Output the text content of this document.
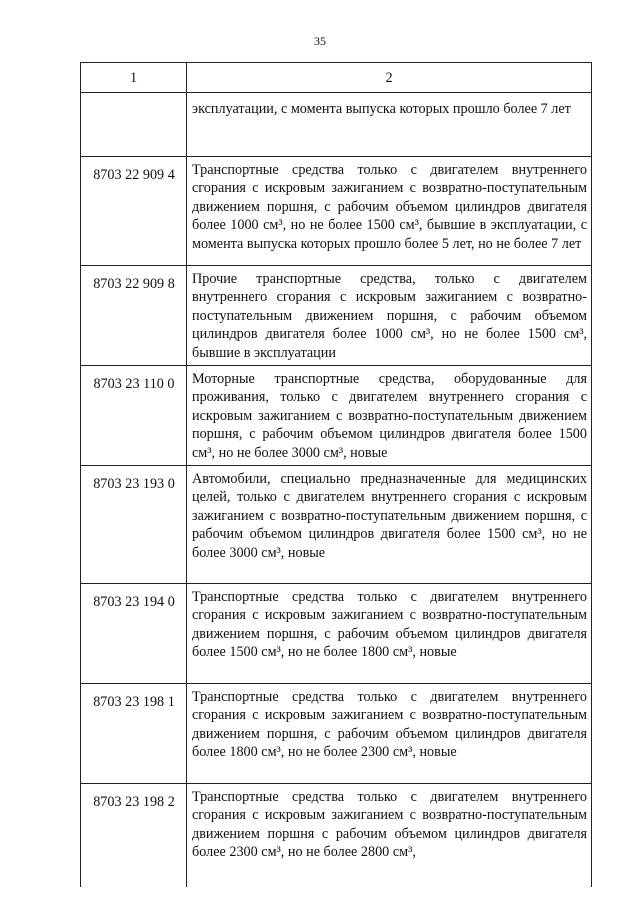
35
1	2
	эксплуатации, с момента выпуска которых прошло более 7 лет
8703 22 909 4	Транспортные средства только с двигателем внутреннего сгорания с искровым зажиганием с возвратно-поступательным движением поршня, с рабочим объемом цилиндров двигателя более 1000 см³, но не более 1500 см³, бывшие в эксплуатации, с момента выпуска которых прошло более 5 лет, но не более 7 лет
8703 22 909 8	Прочие транспортные средства, только с двигателем внутреннего сгорания с искровым зажиганием с возвратно-поступательным движением поршня, с рабочим объемом цилиндров двигателя более 1000 см³, но не более 1500 см³, бывшие в эксплуатации
8703 23 110 0	Моторные транспортные средства, оборудованные для проживания, только с двигателем внутреннего сгорания с искровым зажиганием с возвратно-поступательным движением поршня, с рабочим объемом цилиндров двигателя более 1500 см³, но не более 3000 см³, новые
8703 23 193 0	Автомобили, специально предназначенные для медицинских целей, только с двигателем внутреннего сгорания с искровым зажиганием с возвратно-поступательным движением поршня, с рабочим объемом цилиндров двигателя более 1500 см³, но не более 3000 см³, новые
8703 23 194 0	Транспортные средства только с двигателем внутреннего сгорания с искровым зажиганием с возвратно-поступательным движением поршня, с рабочим объемом цилиндров двигателя более 1500 см³, но не более 1800 см³, новые
8703 23 198 1	Транспортные средства только с двигателем внутреннего сгорания с искровым зажиганием с возвратно-поступательным движением поршня, с рабочим объемом цилиндров двигателя более 1800 см³, но не более 2300 см³, новые
8703 23 198 2	Транспортные средства только с двигателем внутреннего сгорания с искровым зажиганием с возвратно-поступательным движением поршня с рабочим объемом цилиндров двигателя более 2300 см³, но не более 2800 см³,
